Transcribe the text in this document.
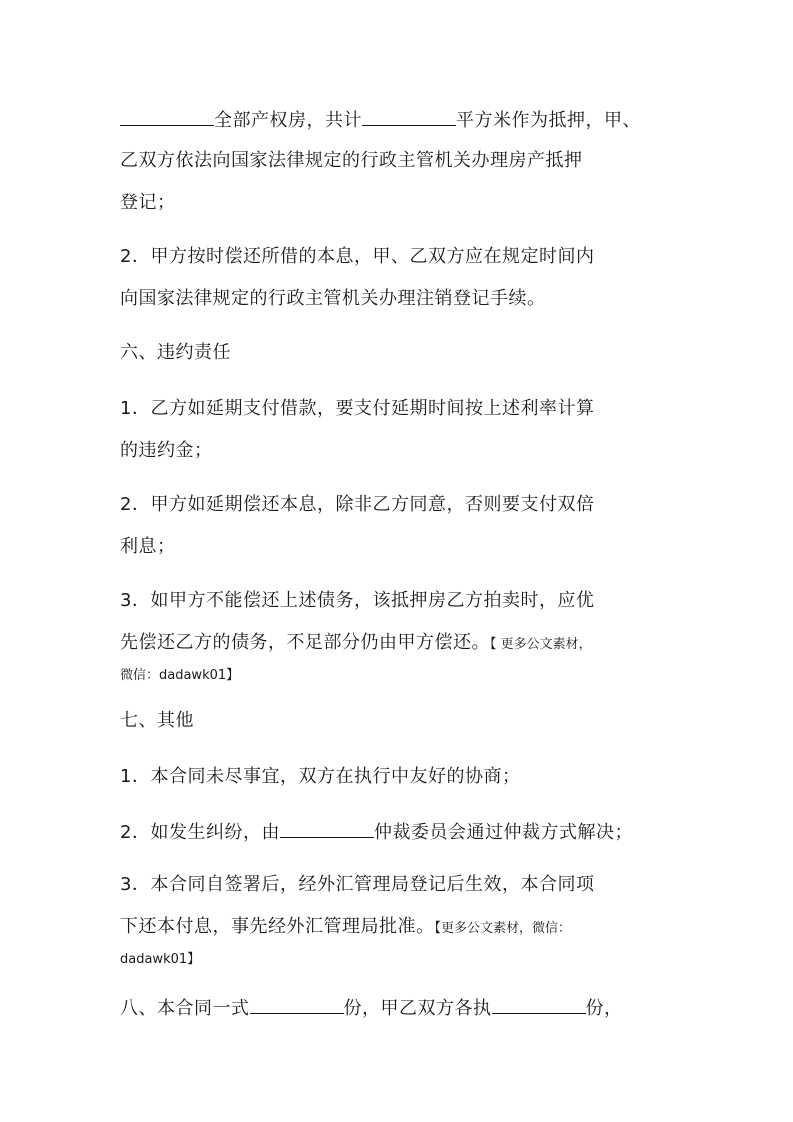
全部产权房，共计	平方米作为抵押，甲、
乙双方依法向国家法律规定的行政主管机关办理房产抵押
登记；
2．甲方按时偿还所借的本息，甲、乙双方应在规定时间内
向国家法律规定的行政主管机关办理注销登记手续。
六、违约责任
1．乙方如延期支付借款，要支付延期时间按上述利率计算
的违约金；
2．甲方如延期偿还本息，除非乙方同意，否则要支付双倍
利息；
3．如甲方不能偿还上述债务，该抵押房乙方拍卖时，应优
先偿还乙方的债务，不足部分仍由甲方偿还。【 更多公文素材，
微信：dadawk01】
七、其他
1．本合同未尽事宜，双方在执行中友好的协商；
2．如发生纠纷，由	仲裁委员会通过仲裁方式解决；
3．本合同自签署后，经外汇管理局登记后生效，本合同项
下还本付息，事先经外汇管理局批准。【更多公文素材，微信：
dadawk01】
八、本合同一式	份，甲乙双方各执	份，
